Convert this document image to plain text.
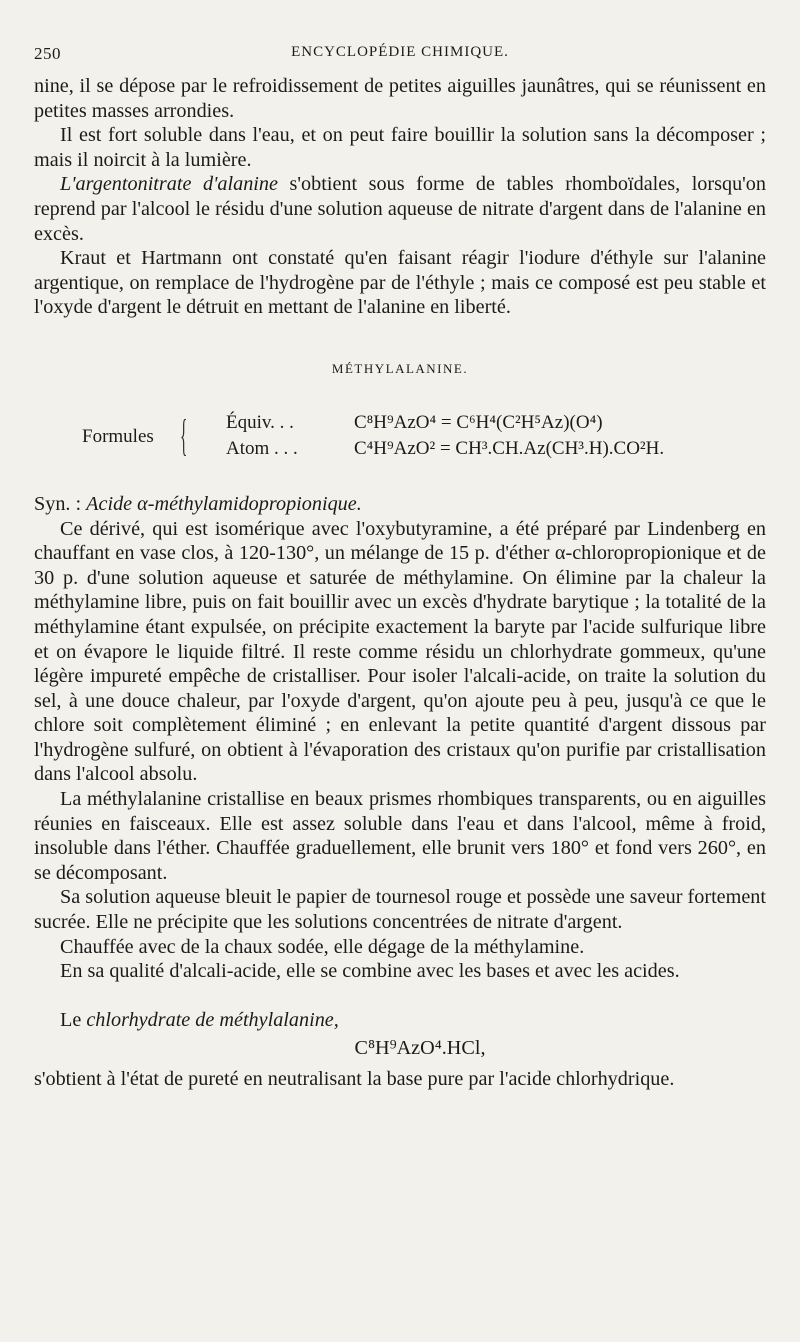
250	ENCYCLOPÉDIE CHIMIQUE.

nine, il se dépose par le refroidissement de petites aiguilles jaunâtres, qui se réunissent en petites masses arrondies.

Il est fort soluble dans l'eau, et on peut faire bouillir la solution sans la décomposer ; mais il noircit à la lumière.

L'argentonitrate d'alanine s'obtient sous forme de tables rhomboïdales, lorsqu'on reprend par l'alcool le résidu d'une solution aqueuse de nitrate d'argent dans de l'alanine en excès.

Kraut et Hartmann ont constaté qu'en faisant réagir l'iodure d'éthyle sur l'alanine argentique, on remplace de l'hydrogène par de l'éthyle ; mais ce composé est peu stable et l'oxyde d'argent le détruit en mettant de l'alanine en liberté.

MÉTHYLALANINE.
Formules { Équiv. . .	C⁸H⁹AzO⁴ = C⁶H⁴(C²H⁵Az)(O⁴)
Atom . . .	C⁴H⁹AzO² = CH³.CH.Az(CH³.H).CO²H.

Syn. : Acide α-méthylamidopropionique.

Ce dérivé, qui est isomérique avec l'oxybutyramine, a été préparé par Lindenberg en chauffant en vase clos, à 120-130°, un mélange de 15 p. d'éther α-chloropropionique et de 30 p. d'une solution aqueuse et saturée de méthylamine. On élimine par la chaleur la méthylamine libre, puis on fait bouillir avec un excès d'hydrate barytique ; la totalité de la méthylamine étant expulsée, on précipite exactement la baryte par l'acide sulfurique libre et on évapore le liquide filtré. Il reste comme résidu un chlorhydrate gommeux, qu'une légère impureté empêche de cristalliser. Pour isoler l'alcali-acide, on traite la solution du sel, à une douce chaleur, par l'oxyde d'argent, qu'on ajoute peu à peu, jusqu'à ce que le chlore soit complètement éliminé ; en enlevant la petite quantité d'argent dissous par l'hydrogène sulfuré, on obtient à l'évaporation des cristaux qu'on purifie par cristallisation dans l'alcool absolu.

La méthylalanine cristallise en beaux prismes rhombiques transparents, ou en aiguilles réunies en faisceaux. Elle est assez soluble dans l'eau et dans l'alcool, même à froid, insoluble dans l'éther. Chauffée graduellement, elle brunit vers 180° et fond vers 260°, en se décomposant.

Sa solution aqueuse bleuit le papier de tournesol rouge et possède une saveur fortement sucrée. Elle ne précipite que les solutions concentrées de nitrate d'argent.

Chauffée avec de la chaux sodée, elle dégage de la méthylamine.

En sa qualité d'alcali-acide, elle se combine avec les bases et avec les acides.

Le chlorhydrate de méthylalanine,

C⁸H⁹AzO⁴.HCl,

s'obtient à l'état de pureté en neutralisant la base pure par l'acide chlorhydrique.
